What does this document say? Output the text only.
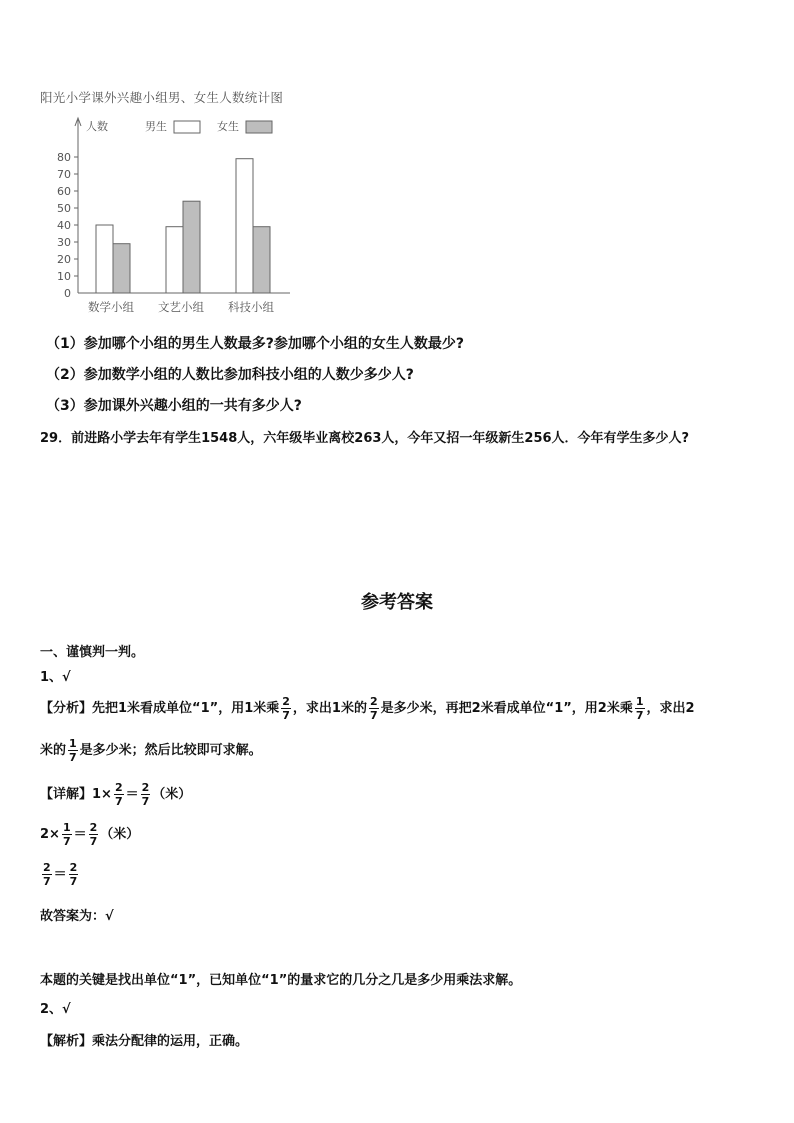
阳光小学课外兴趣小组男、女生人数统计图
0
10
20
30
40
50
60
70
80
人数
数学小组 文艺小组 科技小组
男生	女生
（1）参加哪个小组的男生人数最多?参加哪个小组的女生人数最少?
（2）参加数学小组的人数比参加科技小组的人数少多少人?
（3）参加课外兴趣小组的一共有多少人?
29．前进路小学去年有学生1548人，六年级毕业离校263人，今年又招一年级新生256人．今年有学生多少人?
参考答案
一、谨慎判一判。
1、√
【分析】先把1米看成单位“1”，用1米乘 $\frac{2}{7}$ ，求出1米的 $\frac{2}{7}$ 是多少米，再把2米看成单位“1”，用2米乘 $\frac{1}{7}$ ，求出2
米的 $\frac{1}{7}$ 是多少米；然后比较即可求解。
【详解】$1\times \frac{2}{7} = \frac{2}{7}$ （米）
$2\times \frac{1}{7} = \frac{2}{7}$ （米）
$\frac{2}{7} = \frac{2}{7}$
故答案为：√
本题的关键是找出单位“1”，已知单位“1”的量求它的几分之几是多少用乘法求解。
2、√
【解析】乘法分配律的运用，正确。
